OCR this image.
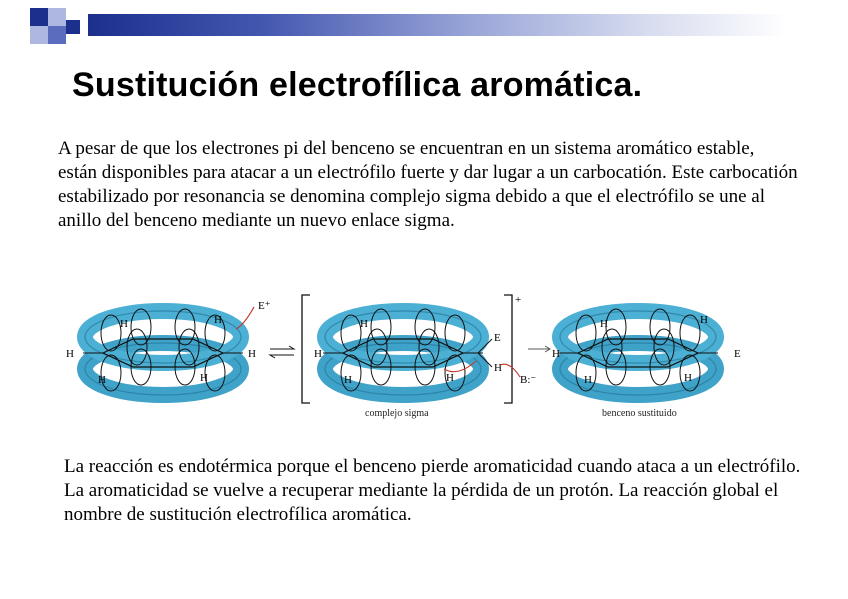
Sustitución electrofílica aromática.

A pesar de que los electrones pi del benceno se encuentran en un sistema aromático estable, están disponibles para atacar a un electrófilo fuerte y dar lugar a un carbocatión. Este carbocatión estabilizado por resonancia se denomina complejo sigma debido a que el electrófilo se une al anillo del benceno mediante un nuevo enlace sigma.

H
H	H
H
H	H
E⁺	+
H
H
H	H
E
H
B:⁻
H
H	H
H	H
E
complejo sigma	benceno sustituido

La reacción es endotérmica porque el benceno pierde aromaticidad cuando ataca a un electrófilo. La aromaticidad se vuelve a recuperar mediante la pérdida de un protón. La reacción global el nombre de sustitución electrofílica aromática.
